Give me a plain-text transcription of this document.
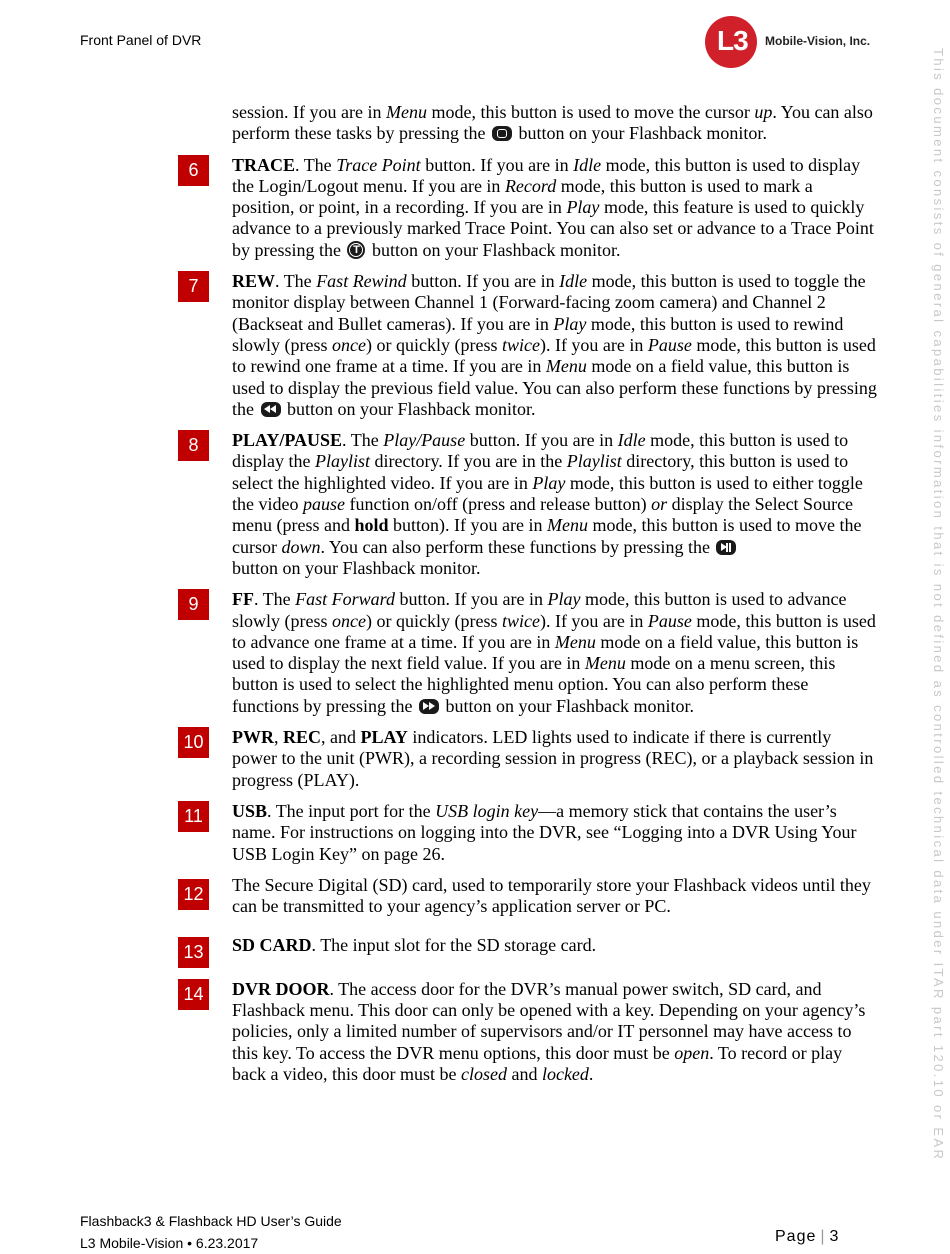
Front Panel of DVR	L3 Mobile-Vision, Inc.
This document consists of general capabilities information that is not defined as controlled technical data under ITAR part 120.10 or EAR

session. If you are in Menu mode, this button is used to move the cursor up. You can also perform these tasks by pressing the  button on your Flashback monitor.

6	TRACE. The Trace Point button. If you are in Idle mode, this button is used to display the Login/Logout menu. If you are in Record mode, this button is used to mark a position, or point, in a recording. If you are in Play mode, this feature is used to quickly advance to a previously marked Trace Point. You can also set or advance to a Trace Point by pressing the T button on your Flashback monitor.

7	REW. The Fast Rewind button. If you are in Idle mode, this button is used to toggle the monitor display between Channel 1 (Forward-facing zoom camera) and Channel 2 (Backseat and Bullet cameras). If you are in Play mode, this button is used to rewind slowly (press once) or quickly (press twice). If you are in Pause mode, this button is used to rewind one frame at a time. If you are in Menu mode on a field value, this button is used to display the previous field value. You can also perform these functions by pressing the  button on your Flashback monitor.

8	PLAY/PAUSE. The Play/Pause button. If you are in Idle mode, this button is used to display the Playlist directory. If you are in the Playlist directory, this button is used to select the highlighted video. If you are in Play mode, this button is used to either toggle the video pause function on/off (press and release button) or display the Select Source menu (press and hold button). If you are in Menu mode, this button is used to move the cursor down. You can also perform these functions by pressing the
button on your Flashback monitor.

9	FF. The Fast Forward button. If you are in Play mode, this button is used to advance slowly (press once) or quickly (press twice). If you are in Pause mode, this button is used to advance one frame at a time. If you are in Menu mode on a field value, this button is used to display the next field value. If you are in Menu mode on a menu screen, this button is used to select the highlighted menu option. You can also perform these functions by pressing the  button on your Flashback monitor.

10	PWR, REC, and PLAY indicators. LED lights used to indicate if there is currently power to the unit (PWR), a recording session in progress (REC), or a playback session in progress (PLAY).

11	USB. The input port for the USB login key—a memory stick that contains the user’s name. For instructions on logging into the DVR, see “Logging into a DVR Using Your USB Login Key” on page 26.

12	The Secure Digital (SD) card, used to temporarily store your Flashback videos until they can be transmitted to your agency’s application server or PC.

13	SD CARD. The input slot for the SD storage card.

14	DVR DOOR. The access door for the DVR’s manual power switch, SD card, and Flashback menu. This door can only be opened with a key. Depending on your agency’s policies, only a limited number of supervisors and/or IT personnel may have access to this key. To access the DVR menu options, this door must be open. To record or play back a video, this door must be closed and locked.

Flashback3 & Flashback HD User’s Guide
L3 Mobile-Vision • 6.23.2017	Page | 3
